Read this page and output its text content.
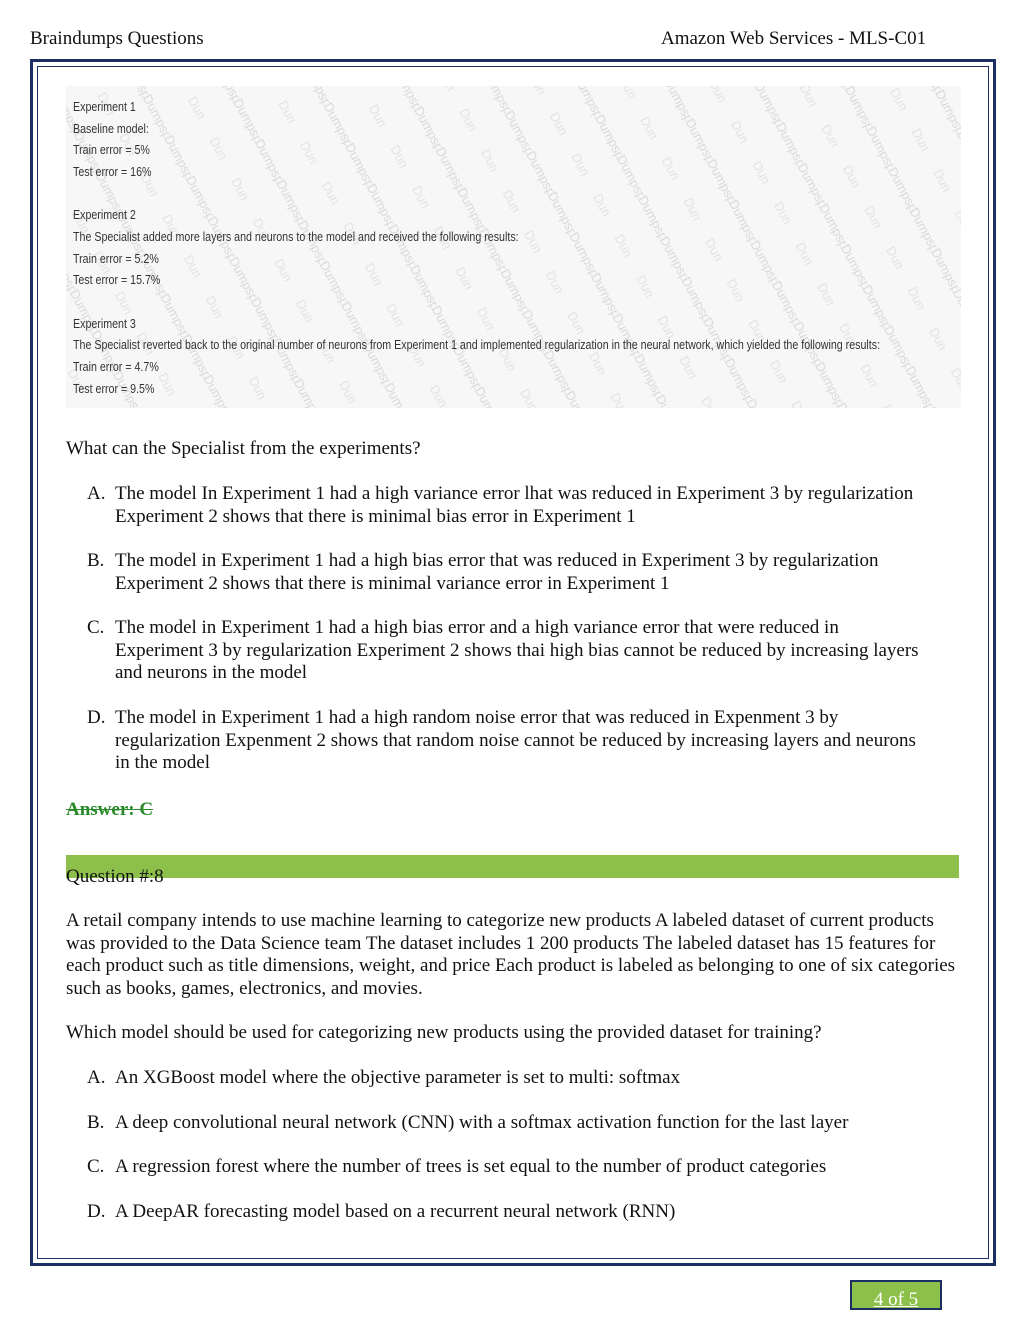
Braindumps Questions	Amazon Web Services - MLS-C01
Experiment 1
Baseline model:
Train error = 5%
Test error = 16%
Experiment 2
The Specialist added more layers and neurons to the model and received the following results:
Train error = 5.2%
Test error = 15.7%
Experiment 3
The Specialist reverted back to the original number of neurons from Experiment 1 and implemented regularization in the neural network, which yielded the following results:
Train error = 4.7%
Test error = 9.5%
What can the Specialist from the experiments?
A. The model In Experiment 1 had a high variance error lhat was reduced in Experiment 3 by regularization Experiment 2 shows that there is minimal bias error in Experiment 1
B. The model in Experiment 1 had a high bias error that was reduced in Experiment 3 by regularization Experiment 2 shows that there is minimal variance error in Experiment 1
C. The model in Experiment 1 had a high bias error and a high variance error that were reduced in Experiment 3 by regularization Experiment 2 shows thai high bias cannot be reduced by increasing layers and neurons in the model
D. The model in Experiment 1 had a high random noise error that was reduced in Expenment 3 by regularization Expenment 2 shows that random noise cannot be reduced by increasing layers and neurons in the model
Answer: C
Question #:8
A retail company intends to use machine learning to categorize new products A labeled dataset of current products was provided to the Data Science team The dataset includes 1 200 products The labeled dataset has 15 features for each product such as title dimensions, weight, and price Each product is labeled as belonging to one of six categories such as books, games, electronics, and movies.
Which model should be used for categorizing new products using the provided dataset for training?
A. An XGBoost model where the objective parameter is set to multi: softmax
B. A deep convolutional neural network (CNN) with a softmax activation function for the last layer
C. A regression forest where the number of trees is set equal to the number of product categories
D. A DeepAR forecasting model based on a recurrent neural network (RNN)
4 of 5
